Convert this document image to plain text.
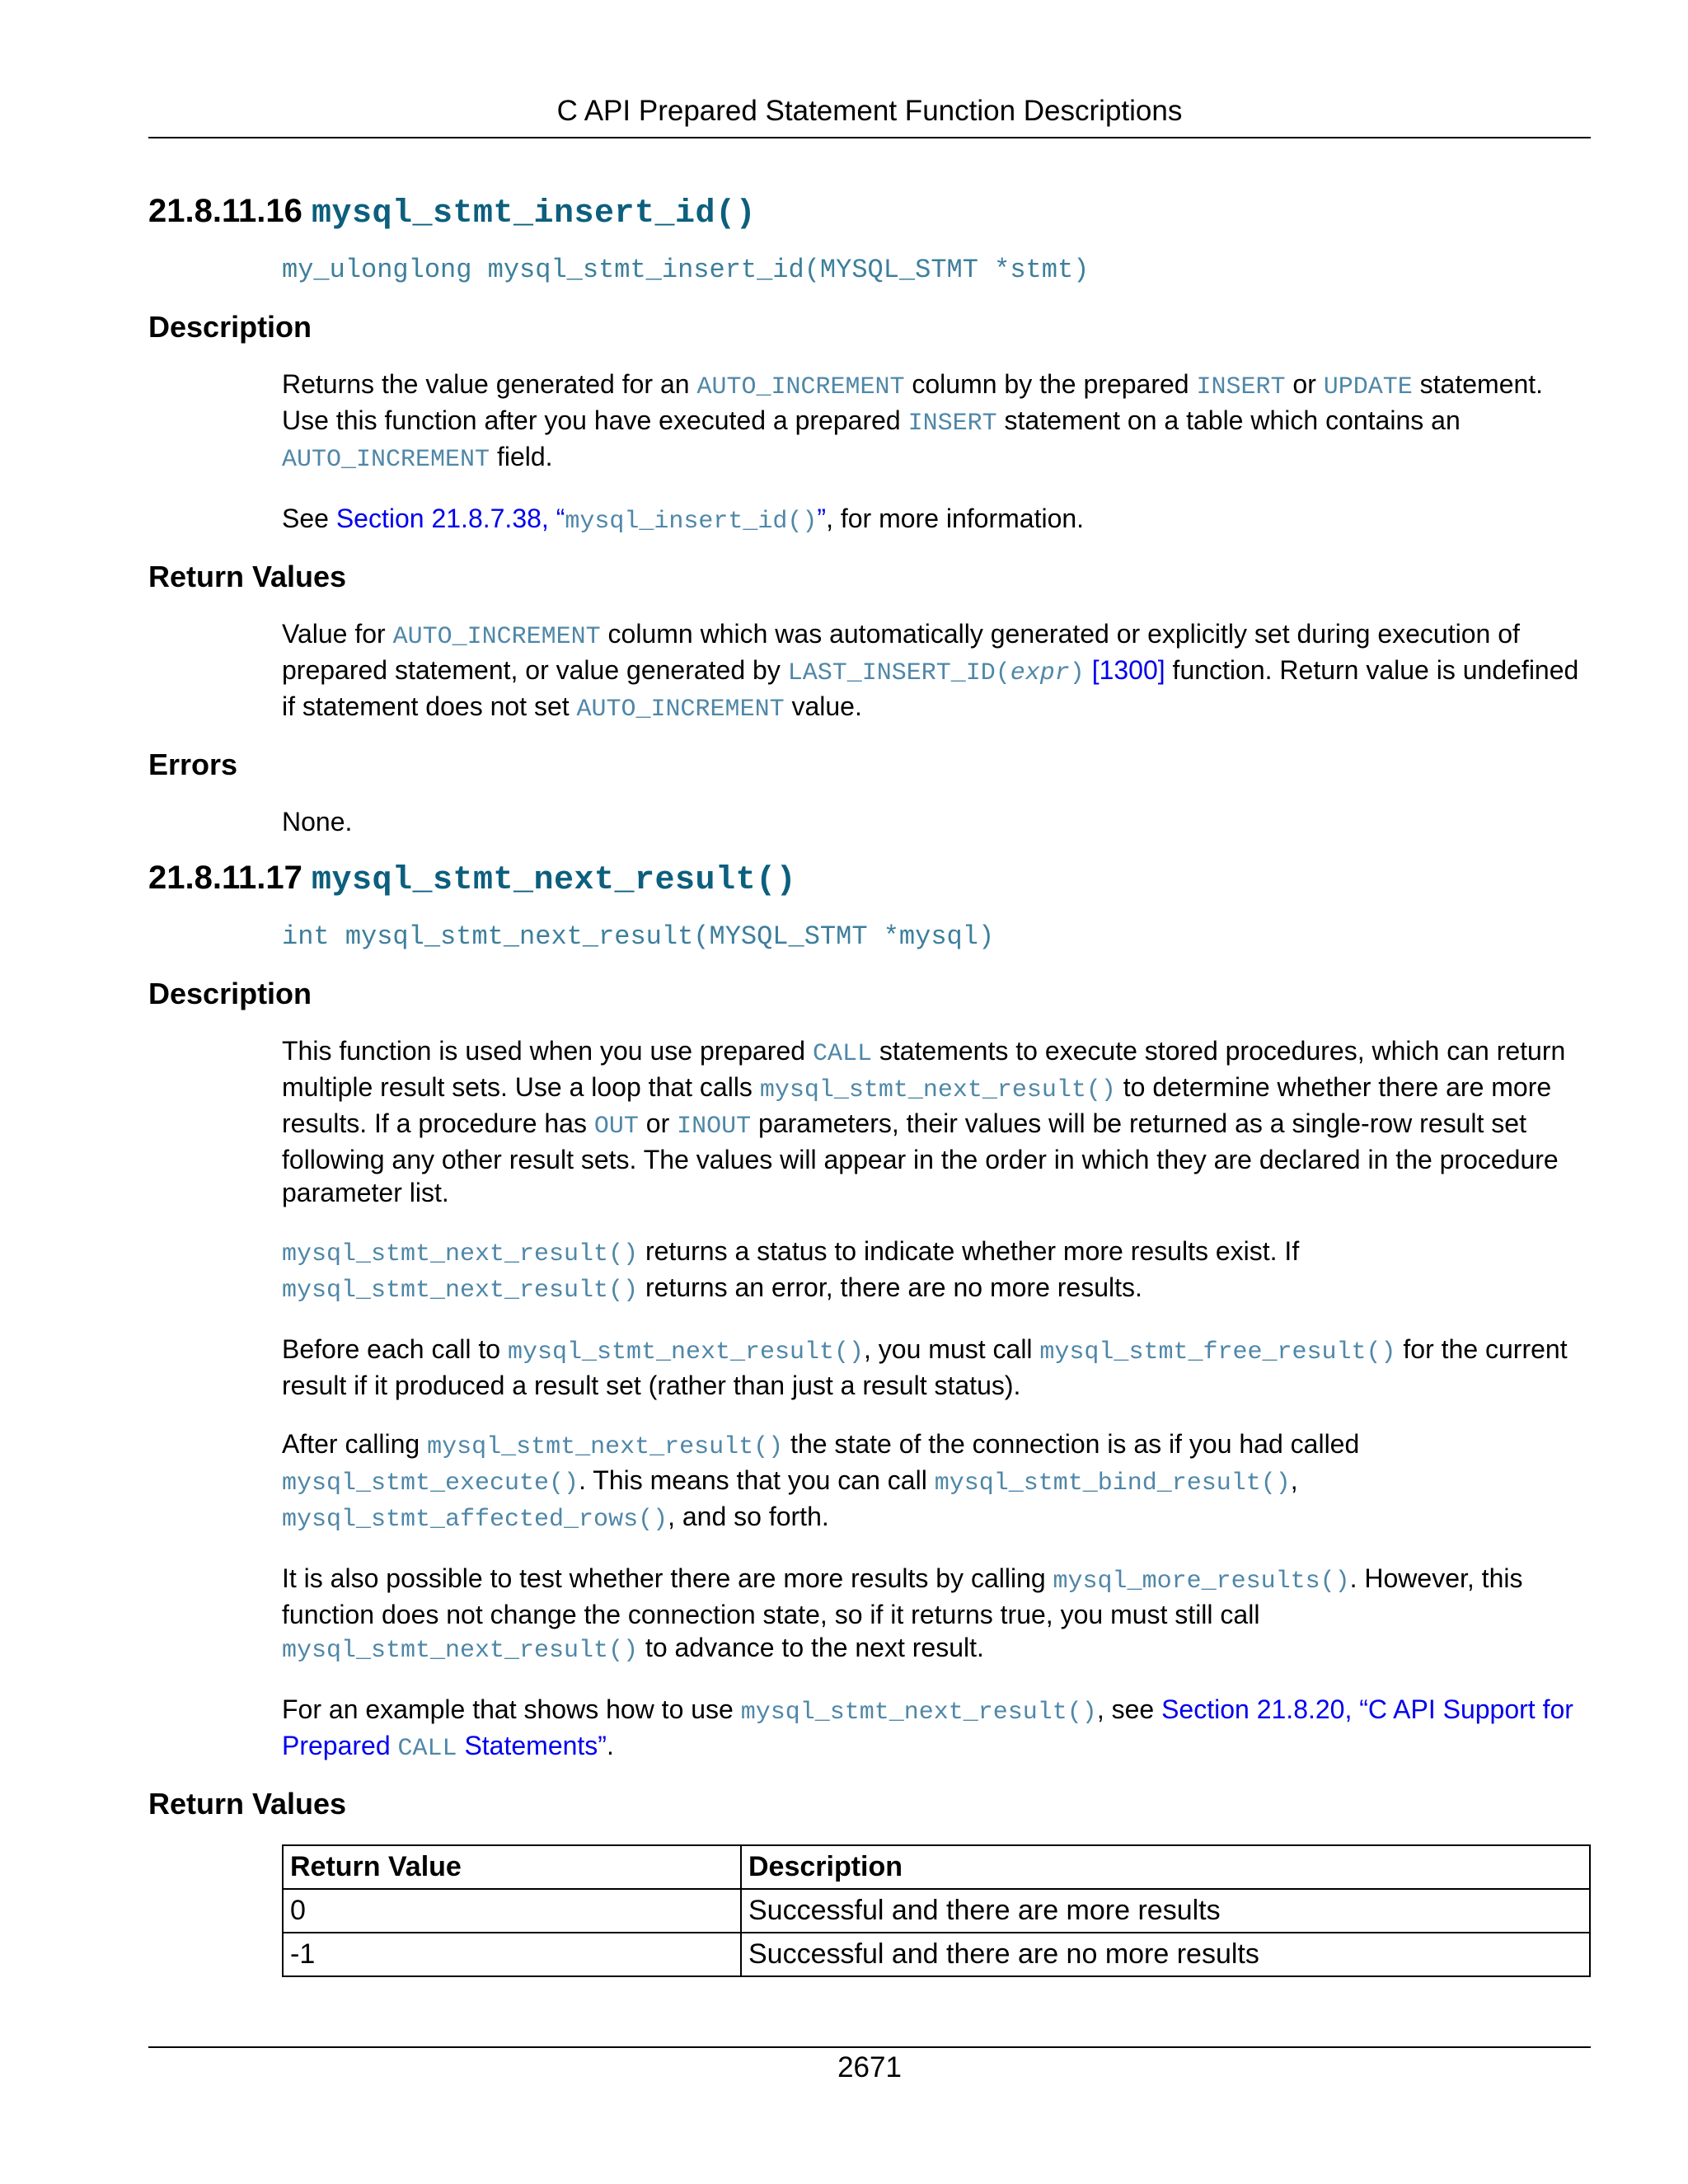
C API Prepared Statement Function Descriptions
21.8.11.16 mysql_stmt_insert_id()
my_ulonglong mysql_stmt_insert_id(MYSQL_STMT *stmt)
Description

Returns the value generated for an AUTO_INCREMENT column by the prepared INSERT or UPDATE statement. Use this function after you have executed a prepared INSERT statement on a table which contains an AUTO_INCREMENT field.

See Section 21.8.7.38, “mysql_insert_id()”, for more information.

Return Values

Value for AUTO_INCREMENT column which was automatically generated or explicitly set during execution of prepared statement, or value generated by LAST_INSERT_ID(expr) [1300] function. Return value is undefined if statement does not set AUTO_INCREMENT value.

Errors

None.

21.8.11.17 mysql_stmt_next_result()
int mysql_stmt_next_result(MYSQL_STMT *mysql)
Description

This function is used when you use prepared CALL statements to execute stored procedures, which can return multiple result sets. Use a loop that calls mysql_stmt_next_result() to determine whether there are more results. If a procedure has OUT or INOUT parameters, their values will be returned as a single-row result set following any other result sets. The values will appear in the order in which they are declared in the procedure parameter list.

mysql_stmt_next_result() returns a status to indicate whether more results exist. If mysql_stmt_next_result() returns an error, there are no more results.

Before each call to mysql_stmt_next_result(), you must call mysql_stmt_free_result() for the current result if it produced a result set (rather than just a result status).

After calling mysql_stmt_next_result() the state of the connection is as if you had called mysql_stmt_execute(). This means that you can call mysql_stmt_bind_result(), mysql_stmt_affected_rows(), and so forth.

It is also possible to test whether there are more results by calling mysql_more_results(). However, this function does not change the connection state, so if it returns true, you must still call mysql_stmt_next_result() to advance to the next result.

For an example that shows how to use mysql_stmt_next_result(), see Section 21.8.20, “C API Support for Prepared CALL Statements”.

Return Values
Return Value	Description
0	Successful and there are more results
-1	Successful and there are no more results
2671
